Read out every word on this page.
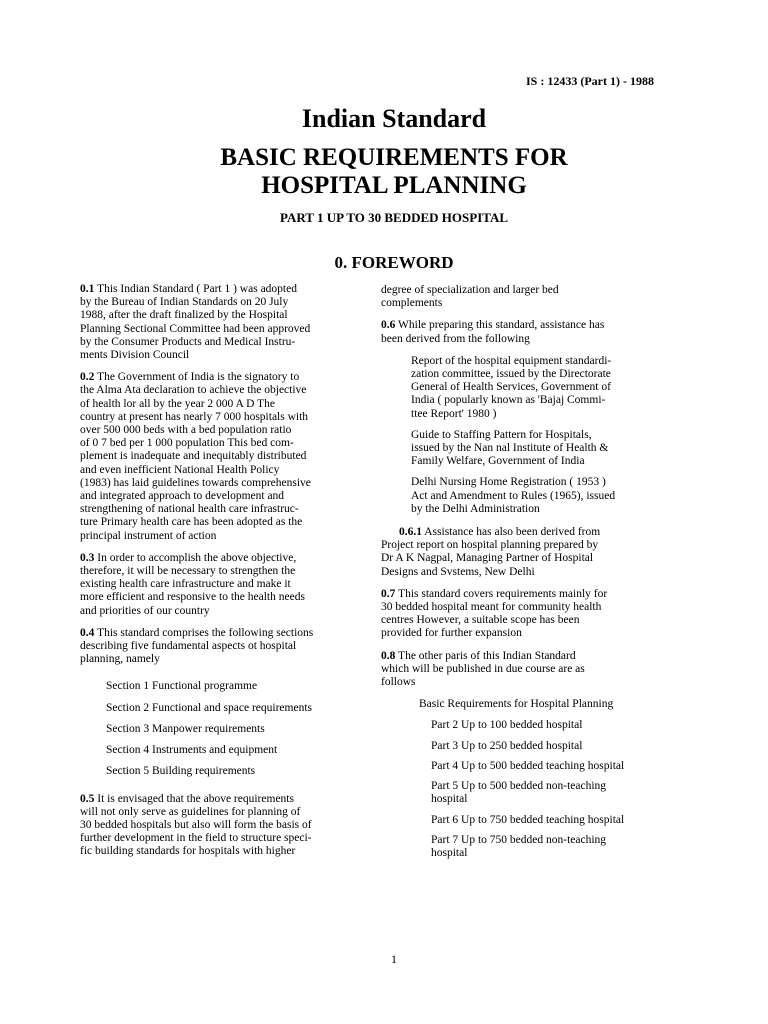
IS : 12433 (Part 1) - 1988
Indian Standard
BASIC REQUIREMENTS FOR
HOSPITAL PLANNING
PART 1 UP TO 30 BEDDED HOSPITAL
0. FOREWORD

0.1 This Indian Standard ( Part 1 ) was adopted
by the Bureau of Indian Standards on 20 July
1988, after the draft finalized by the Hospital
Planning Sectional Committee had been approved
by the Consumer Products and Medical Instru-
ments Division Council

0.2 The Government of India is the signatory to
the Alma Ata declaration to achieve the objective
of health lor all by the year 2 000 A D The
country at present has nearly 7 000 hospitals with
over 500 000 beds with a bed population ratio
of 0 7 bed per 1 000 population This bed com-
plement is inadequate and inequitably distributed
and even inefficient National Health Policy
(1983) has laid guidelines towards comprehensive
and integrated approach to development and
strengthening of national health care infrastruc-
ture Primary health care has been adopted as the
principal instrument of action

0.3 In order to accomplish the above objective,
therefore, it will be necessary to strengthen the
existing health care infrastructure and make it
more efficient and responsive to the health needs
and priorities of our country

0.4 This standard comprises the following sections
describing five fundamental aspects ot hospital
planning, namely

Section 1 Functional programme
Section 2 Functional and space requirements
Section 3 Manpower requirements
Section 4 Instruments and equipment
Section 5 Building requirements

0.5 It is envisaged that the above requirements
will not only serve as guidelines for planning of
30 bedded hospitals but also will form the basis of
further development in the field to structure speci-
fic building standards for hospitals with higher

degree of specialization and larger bed
complements

0.6 While preparing this standard, assistance has
been derived from the following

Report of the hospital equipment standardi-
zation committee, issued by the Directorate
General of Health Services, Government of
India ( popularly known as 'Bajaj Commi-
ttee Report' 1980 )
Guide to Staffing Pattern for Hospitals,
issued by the Nan nal Institute of Health &
Family Welfare, Government of India
Delhi Nursing Home Registration ( 1953 )
Act and Amendment to Rules (1965), issued
by the Delhi Administration

0.6.1 Assistance has also been derived from

Project report on hospital planning prepared by
Dr A K Nagpal, Managing Partner of Hospital
Designs and Svstems, New Delhi

0.7 This standard covers requirements mainly for
30 bedded hospital meant for community health
centres However, a suitable scope has been
provided for further expansion

0.8 The other paris of this Indian Standard
which will be published in due course are as
follows

Basic Requirements for Hospital Planning
Part 2 Up to 100 bedded hospital
Part 3 Up to 250 bedded hospital
Part 4 Up to 500 bedded teaching hospital
Part 5 Up to 500 bedded non-teaching
hospital
Part 6 Up to 750 bedded teaching hospital
Part 7 Up to 750 bedded non-teaching
hospital
1
